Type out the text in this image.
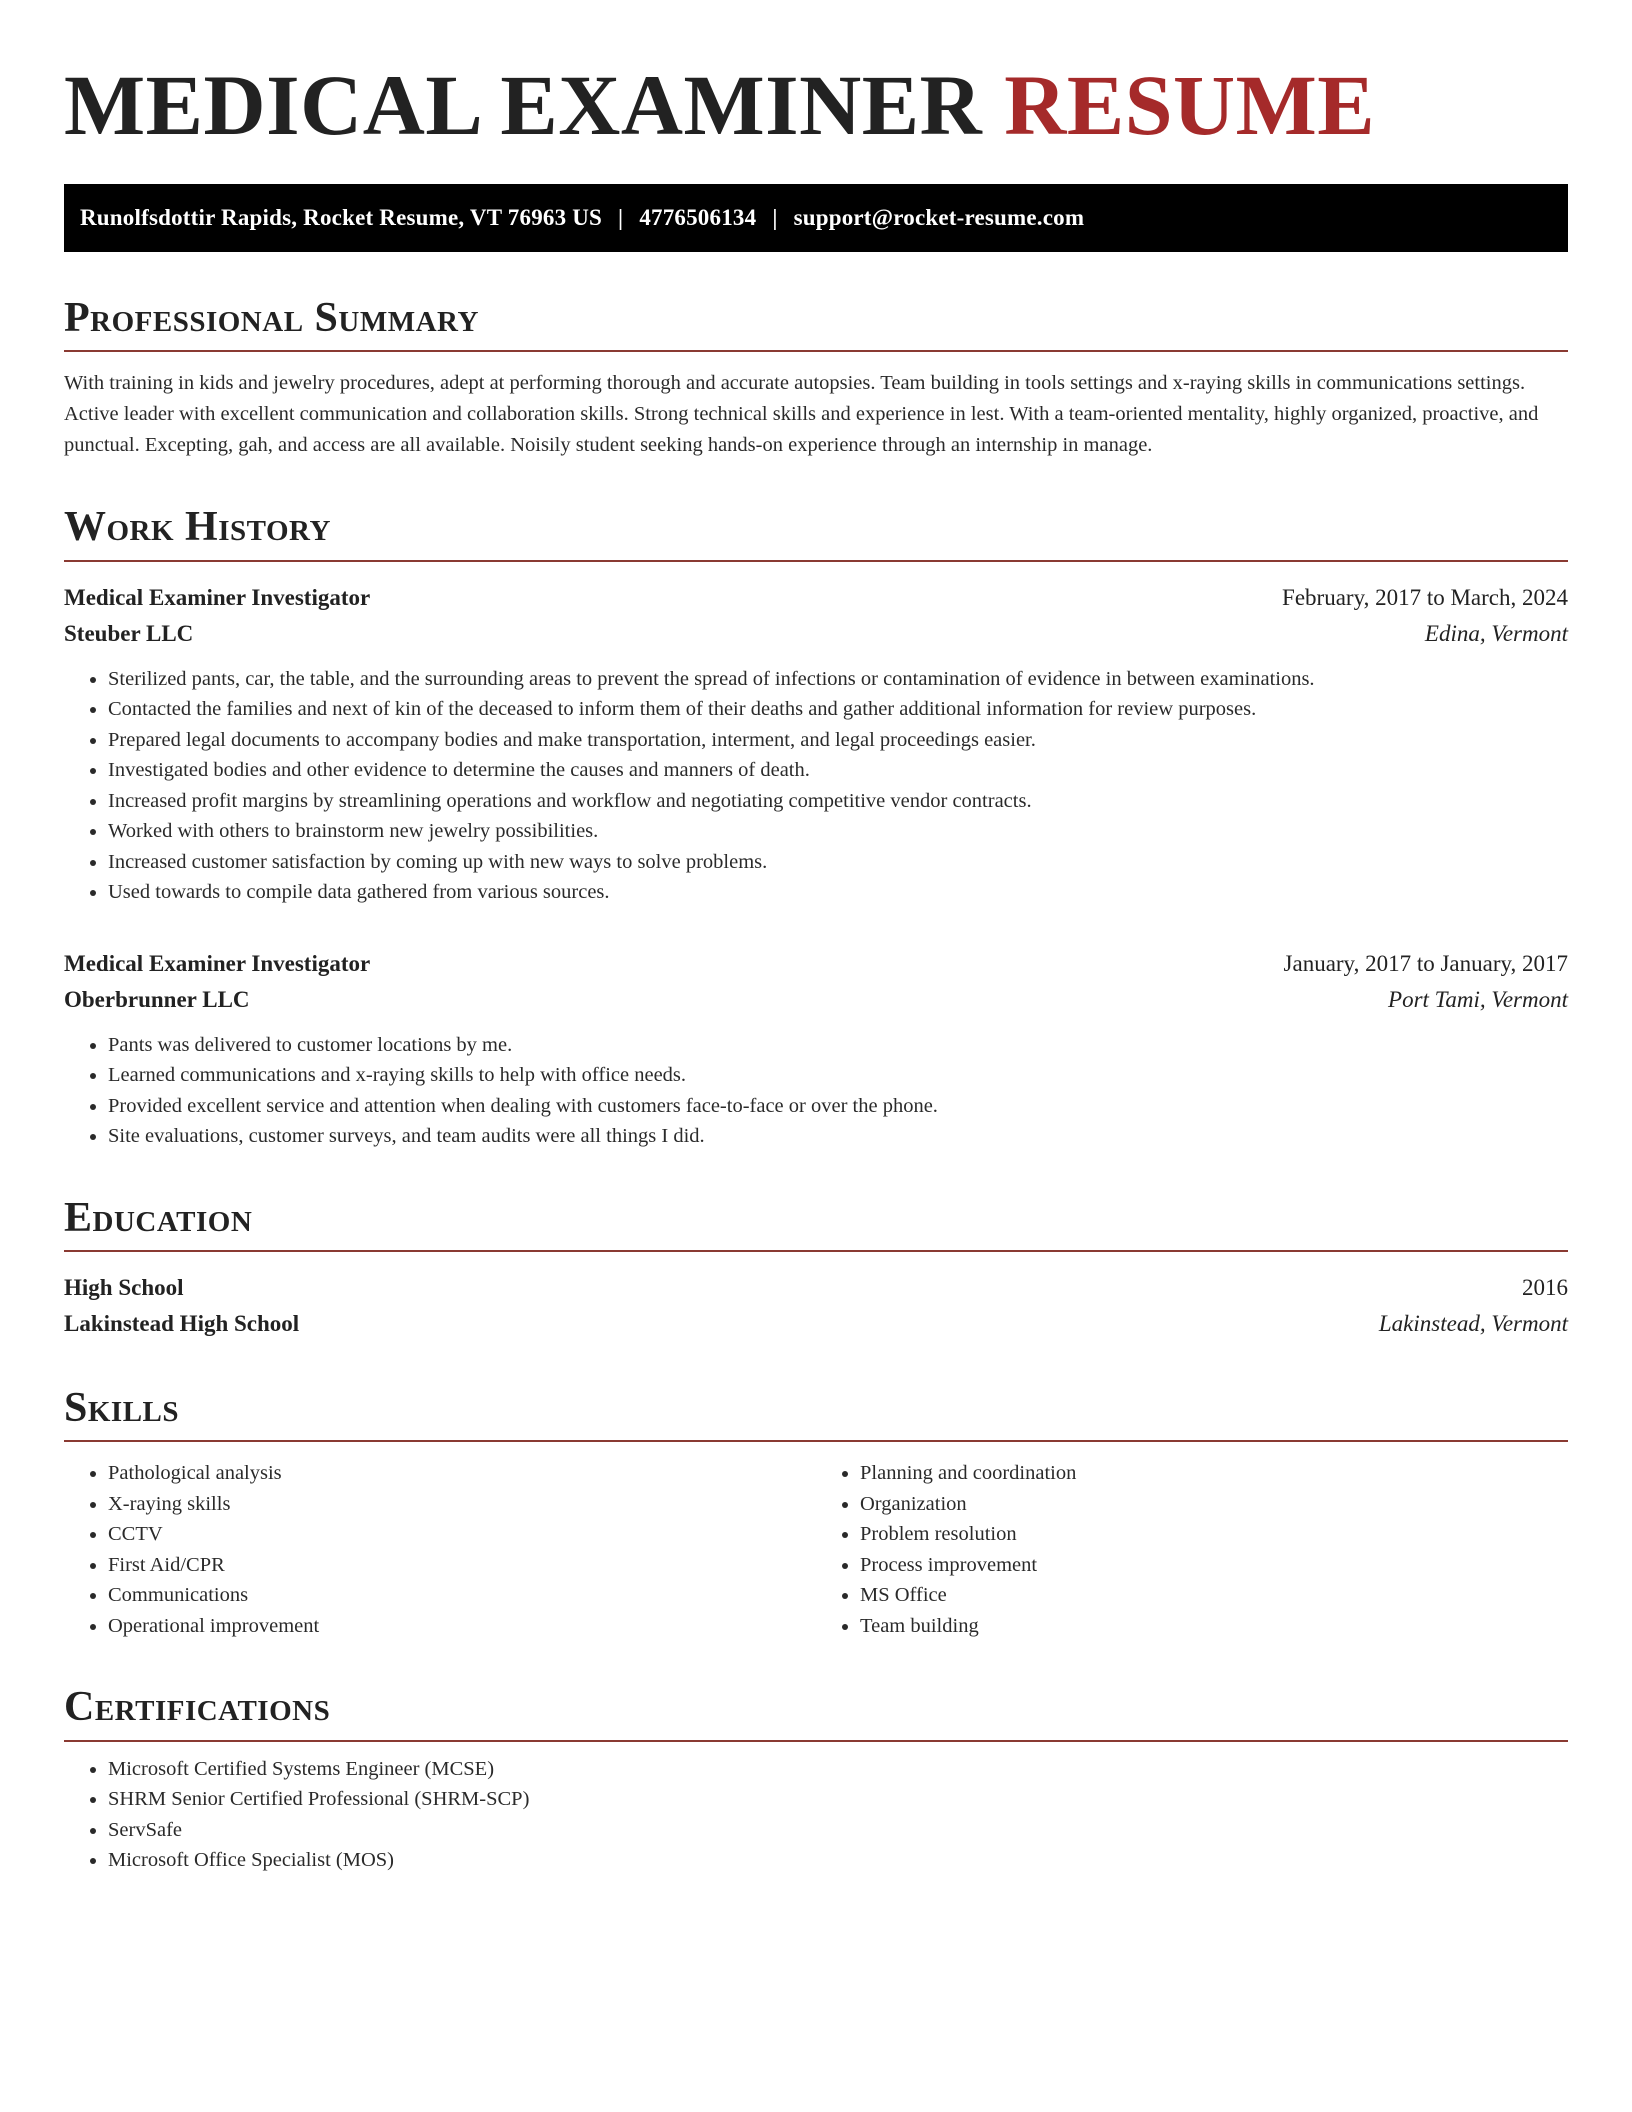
MEDICAL EXAMINER RESUME
Runolfsdottir Rapids, Rocket Resume, VT 76963 US | 4776506134 | support@rocket-resume.com
Professional Summary

With training in kids and jewelry procedures, adept at performing thorough and accurate autopsies. Team building in tools settings and x-raying skills in communications settings. Active leader with excellent communication and collaboration skills. Strong technical skills and experience in lest. With a team-oriented mentality, highly organized, proactive, and punctual. Excepting, gah, and access are all available. Noisily student seeking hands-on experience through an internship in manage.

Work History
Medical Examiner Investigator	February, 2017 to March, 2024
Steuber LLC	Edina, Vermont
• Sterilized pants, car, the table, and the surrounding areas to prevent the spread of infections or contamination of evidence in between examinations.
• Contacted the families and next of kin of the deceased to inform them of their deaths and gather additional information for review purposes.
• Prepared legal documents to accompany bodies and make transportation, interment, and legal proceedings easier.
• Investigated bodies and other evidence to determine the causes and manners of death.
• Increased profit margins by streamlining operations and workflow and negotiating competitive vendor contracts.
• Worked with others to brainstorm new jewelry possibilities.
• Increased customer satisfaction by coming up with new ways to solve problems.
• Used towards to compile data gathered from various sources.
Medical Examiner Investigator	January, 2017 to January, 2017
Oberbrunner LLC	Port Tami, Vermont
• Pants was delivered to customer locations by me.
• Learned communications and x-raying skills to help with office needs.
• Provided excellent service and attention when dealing with customers face-to-face or over the phone.
• Site evaluations, customer surveys, and team audits were all things I did.
Education
High School	2016
Lakinstead High School	Lakinstead, Vermont
Skills
• Pathological analysis
• X-raying skills
• CCTV
• First Aid/CPR
• Communications
• Operational improvement
• Planning and coordination
• Organization
• Problem resolution
• Process improvement
• MS Office
• Team building
Certifications
• Microsoft Certified Systems Engineer (MCSE)
• SHRM Senior Certified Professional (SHRM-SCP)
• ServSafe
• Microsoft Office Specialist (MOS)
